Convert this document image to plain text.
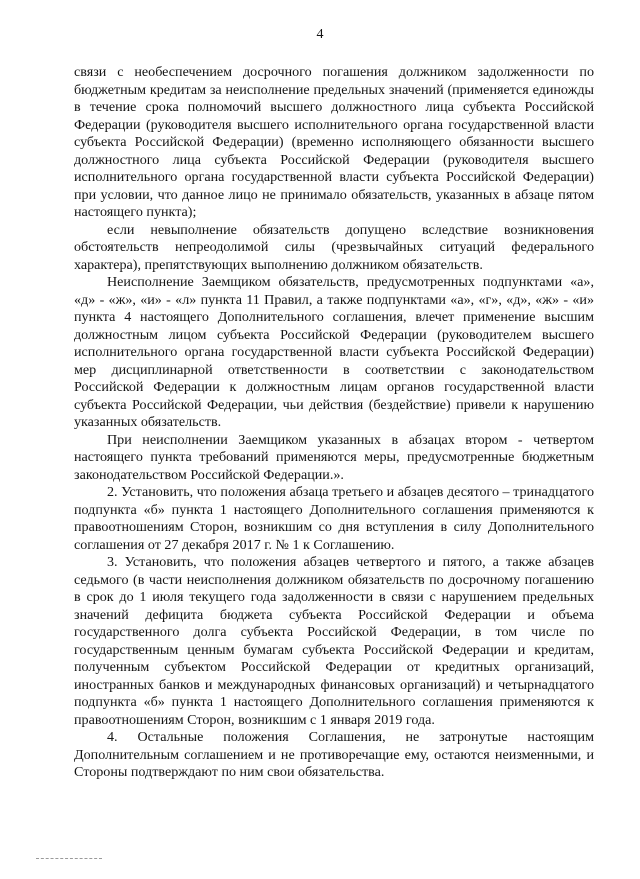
4

связи с необеспечением досрочного погашения должником задолженности по бюджетным кредитам за неисполнение предельных значений (применяется единожды в течение срока полномочий высшего должностного лица субъекта Российской Федерации (руководителя высшего исполнительного органа государственной власти субъекта Российской Федерации) (временно исполняющего обязанности высшего должностного лица субъекта Российской Федерации (руководителя высшего исполнительного органа государственной власти субъекта Российской Федерации) при условии, что данное лицо не принимало обязательств, указанных в абзаце пятом настоящего пункта);

если невыполнение обязательств допущено вследствие возникновения обстоятельств непреодолимой силы (чрезвычайных ситуаций федерального характера), препятствующих выполнению должником обязательств.

Неисполнение Заемщиком обязательств, предусмотренных подпунктами «а», «д» - «ж», «и» - «л» пункта 11 Правил, а также подпунктами «а», «г», «д», «ж» - «и» пункта 4 настоящего Дополнительного соглашения, влечет применение высшим должностным лицом субъекта Российской Федерации (руководителем высшего исполнительного органа государственной власти субъекта Российской Федерации) мер дисциплинарной ответственности в соответствии с законодательством Российской Федерации к должностным лицам органов государственной власти субъекта Российской Федерации, чьи действия (бездействие) привели к нарушению указанных обязательств.

При неисполнении Заемщиком указанных в абзацах втором - четвертом настоящего пункта требований применяются меры, предусмотренные бюджетным законодательством Российской Федерации.».

2. Установить, что положения абзаца третьего и абзацев десятого – тринадцатого подпункта «б» пункта 1 настоящего Дополнительного соглашения применяются к правоотношениям Сторон, возникшим со дня вступления в силу Дополнительного соглашения от 27 декабря 2017 г. № 1 к Соглашению.

3. Установить, что положения абзацев четвертого и пятого, а также абзацев седьмого (в части неисполнения должником обязательств по досрочному погашению в срок до 1 июля текущего года задолженности в связи с нарушением предельных значений дефицита бюджета субъекта Российской Федерации и объема государственного долга субъекта Российской Федерации, в том числе по государственным ценным бумагам субъекта Российской Федерации и кредитам, полученным субъектом Российской Федерации от кредитных организаций, иностранных банков и международных финансовых организаций) и четырнадцатого подпункта «б» пункта 1 настоящего Дополнительного соглашения применяются к правоотношениям Сторон, возникшим с 1 января 2019 года.

4. Остальные положения Соглашения, не затронутые настоящим Дополнительным соглашением и не противоречащие ему, остаются неизменными, и Стороны подтверждают по ним свои обязательства.
